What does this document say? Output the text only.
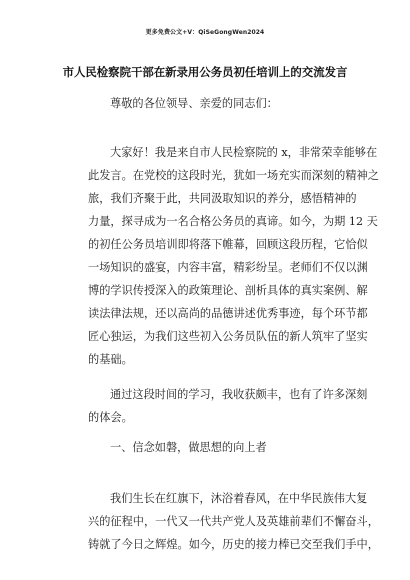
更多免费公文+V：QiSeGongWen2024
市人民检察院干部在新录用公务员初任培训上的交流发言

尊敬的各位领导、亲爱的同志们：

大家好！我是来自市人民检察院的 x，非常荣幸能够在
此发言。在党校的这段时光，犹如一场充实而深刻的精神之
旅，我们齐聚于此，共同汲取知识的养分，感悟精神的
力量，探寻成为一名合格公务员的真谛。如今，为期 12 天
的初任公务员培训即将落下帷幕，回顾这段历程，它恰似
一场知识的盛宴，内容丰富，精彩纷呈。老师们不仅以渊
博的学识传授深入的政策理论、剖析具体的真实案例、解
读法律法规，还以高尚的品德讲述优秀事迹，每个环节都
匠心独运，为我们这些初入公务员队伍的新人筑牢了坚实
的基础。

通过这段时间的学习，我收获颇丰，也有了许多深刻
的体会。

一、信念如磐，做思想的向上者

我们生长在红旗下，沐浴着春风，在中华民族伟大复
兴的征程中，一代又一代共产党人及英雄前辈们不懈奋斗，
铸就了今日之辉煌。如今，历史的接力棒已交至我们手中，
